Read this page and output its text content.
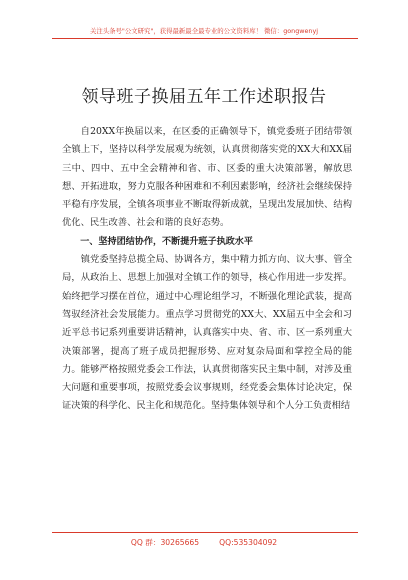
关注头条号"公文研究"，获得最新最全最专业的公文资料库！ 微信：gongwenyj
领导班子换届五年工作述职报告

自20XX年换届以来，在区委的正确领导下，镇党委班子团结带领全镇上下，坚持以科学发展观为统领，认真贯彻落实党的XX大和XX届三中、四中、五中全会精神和省、市、区委的重大决策部署，解放思想、开拓进取，努力克服各种困难和不利因素影响，经济社会继续保持平稳有序发展，全镇各项事业不断取得新成就，呈现出发展加快、结构优化、民生改善、社会和谐的良好态势。

一、坚持团结协作，不断提升班子执政水平

镇党委坚持总揽全局、协调各方，集中精力抓方向、议大事、管全局，从政治上、思想上加强对全镇工作的领导，核心作用进一步发挥。始终把学习摆在首位，通过中心理论组学习，不断强化理论武装，提高驾驭经济社会发展能力。重点学习贯彻党的XX大、XX届五中全会和习近平总书记系列重要讲话精神，认真落实中央、省、市、区一系列重大决策部署，提高了班子成员把握形势、应对复杂局面和掌控全局的能力。能够严格按照党委会工作法，认真贯彻落实民主集中制，对涉及重大问题和重要事项，按照党委会议事规则，经党委会集体讨论决定，保证决策的科学化、民主化和规范化。坚持集体领导和个人分工负责相结

QQ 群：30265665	QQ:535304092
